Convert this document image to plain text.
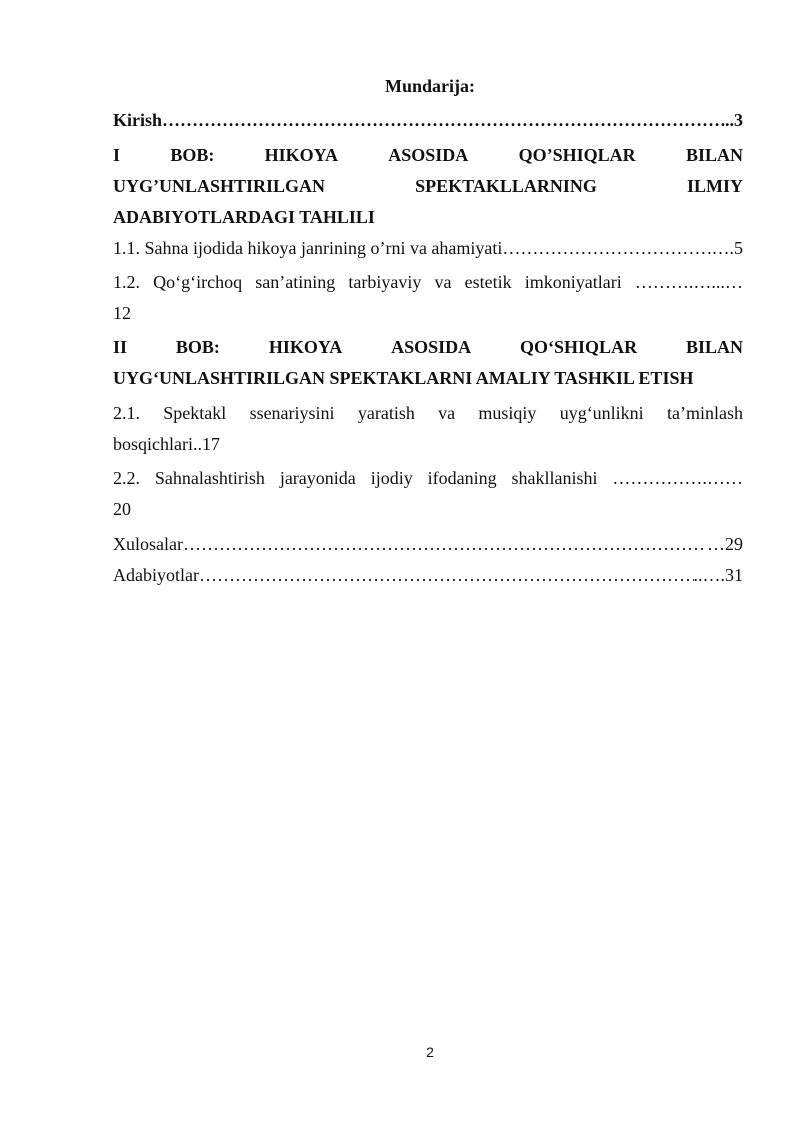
Mundarija:
Kirish ……………………………………………………………………………………………………………………………………………………………………………	..3
I	BOB:	HIKOYA	ASOSIDA	QO’SHIQLAR	BILAN
UYG’UNLASHTIRILGAN	SPEKTAKLLARNING	ILMIY
ADABIYOTLARDAGI TAHLILI
1.1. Sahna ijodida hikoya janrining o’rni va ahamiyati ……………………………………………………………………………………………………………………………………………………………………………	….5
1.2. Qo‘g‘irchoq san’atining tarbiyaviy va estetik imkoniyatlari ……….…...…
12
II	BOB:	HIKOYA	ASOSIDA	QO‘SHIQLAR	BILAN
UYG‘UNLASHTIRILGAN SPEKTAKLARNI AMALIY TASHKIL ETISH
2.1. Spektakl ssenariysini yaratish va musiqiy uyg‘unlikni ta’minlash
bosqichlari..17
2.2. Sahnalashtirish jarayonida ijodiy ifodaning shakllanishi …………….……
20
Xulosalar ……………………………………………………………………………………………………………………………………………………………………………	…29
Adabiyotlar ……………………………………………………………………………………………………………………………………………………………………………	..….31
2
